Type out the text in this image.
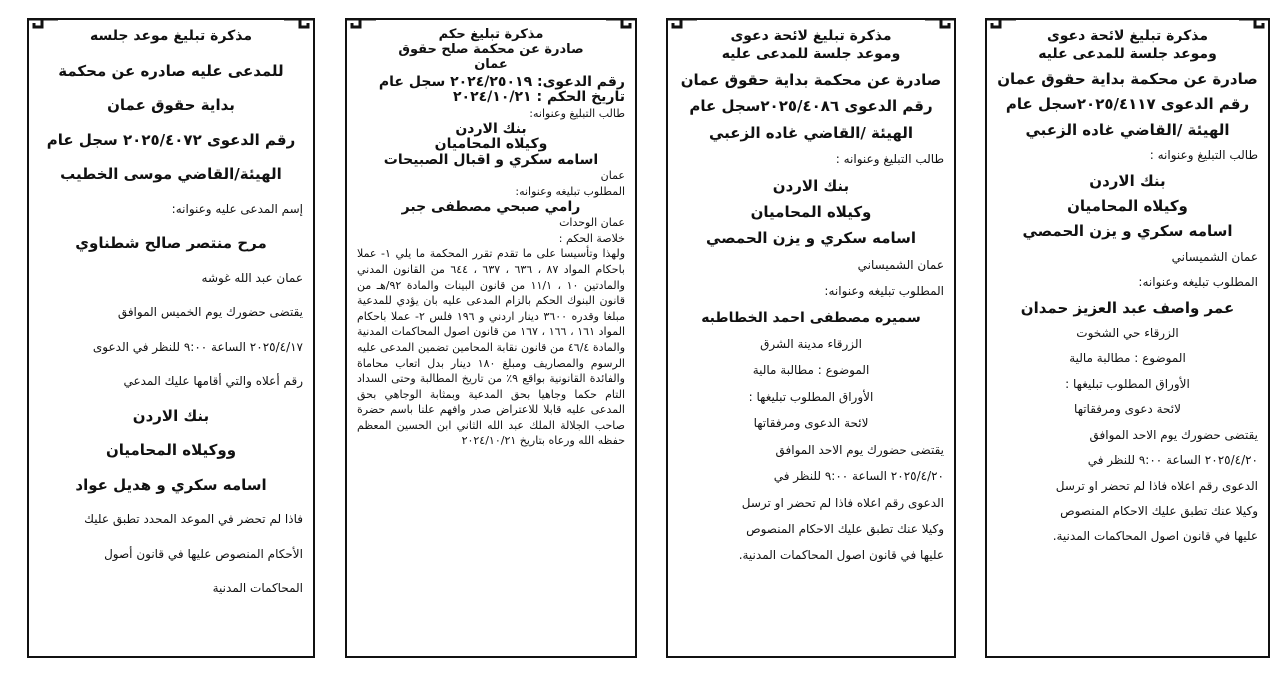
مذكرة تبليغ لائحة دعوى
وموعد جلسة للمدعى عليه
صادرة عن محكمة بداية حقوق عمان
رقم الدعوى ٢٠٢٥/٤١١٧سجل عام
الهيئة /القاضي غاده الزعبي
طالب التبليغ وعنوانه :
بنك الاردن
وكيلاه المحاميان
اسامه سكري و يزن الحمصي
عمان الشميساني
المطلوب تبليغه وعنوانه:
عمر واصف عبد العزيز حمدان
الزرقاء حي الشخوت
الموضوع : مطالبة مالية
الأوراق المطلوب تبليغها :
لائحة دعوى ومرفقاتها
يقتضى حضورك يوم الاحد الموافق
٢٠٢٥/٤/٢٠ الساعة ٩:٠٠ للنظر في
الدعوى رقم اعلاه فاذا لم تحضر او ترسل
وكيلا عنك تطبق عليك الاحكام المنصوص
عليها في قانون اصول المحاكمات المدنية.
مذكرة تبليغ لائحة دعوى
وموعد جلسة للمدعى عليه
صادرة عن محكمة بداية حقوق عمان
رقم الدعوى ٢٠٢٥/٤٠٨٦سجل عام
الهيئة /القاضي غاده الزعبي
طالب التبليغ وعنوانه :
بنك الاردن
وكيلاه المحاميان
اسامه سكري و يزن الحمصي
عمان الشميساني
المطلوب تبليغه وعنوانه:
سميره مصطفى احمد الخطاطبه
الزرقاء مدينة الشرق
الموضوع : مطالبة مالية
الأوراق المطلوب تبليغها :
لائحة الدعوى ومرفقاتها
يقتضى حضورك يوم الاحد الموافق
٢٠٢٥/٤/٢٠ الساعة ٩:٠٠ للنظر في
الدعوى رقم اعلاه فاذا لم تحضر او ترسل
وكيلا عنك تطبق عليك الاحكام المنصوص
عليها في قانون اصول المحاكمات المدنية.
مذكرة تبليغ حكم
صادرة عن محكمة صلح حقوق
عمان
رقم الدعوى: ٢٠٢٤/٢٥٠١٩ سجل عام
تاريخ الحكم : ٢٠٢٤/١٠/٢١
طالب التبليغ وعنوانه:
بنك الاردن
وكيلاه المحاميان
اسامه سكري و اقبال الصبيحات
عمان
المطلوب تبليغه وعنوانه:
رامي صبحي مصطفى جبر
عمان الوحدات
خلاصة الحكم :
ولهذا وتأسيسا على ما تقدم تقرر المحكمة ما يلي ١- عملا باحكام المواد ٨٧ ، ٦٣٦ ، ٦٣٧ ، ٦٤٤ من القانون المدني والمادتين ١٠ ، ١١/١ من قانون البينات والمادة ٩٢/هـ من قانون البنوك الحكم بالزام المدعى عليه بان يؤدي للمدعية مبلغا وقدره ٣٦٠٠ دينار اردني و ١٩٦ فلس ٢- عملا باحكام المواد ١٦١ ، ١٦٦ ، ١٦٧ من قانون اصول المحاكمات المدنية والمادة ٤٦/٤ من قانون نقابة المحامين تضمين المدعى عليه الرسوم والمصاريف ومبلغ ١٨٠ دينار بدل اتعاب محاماة والفائدة القانونية بواقع ٩٪ من تاريخ المطالبة وحتى السداد التام حكما وجاهيا بحق المدعية وبمثابة الوجاهي بحق المدعى عليه قابلا للاعتراض صدر وافهم علنا باسم حضرة صاحب الجلالة الملك عبد الله الثاني ابن الحسين المعظم حفظه الله ورعاه بتاريخ ٢٠٢٤/١٠/٢١
مذكرة تبليغ موعد جلسه
للمدعى عليه صادره عن محكمة
بداية حقوق عمان
رقم الدعوى ٢٠٢٥/٤٠٧٢ سجل عام
الهيئة/القاضي موسى الخطيب
إسم المدعى عليه وعنوانه:
مرح منتصر صالح شطناوي
عمان عبد الله غوشه
يقتضى حضورك يوم الخميس الموافق
٢٠٢٥/٤/١٧ الساعة ٩:٠٠ للنظر في الدعوى
رقم أعلاه والتي أقامها عليك المدعي
بنك الاردن
ووكيلاه المحاميان
اسامه سكري و هديل عواد
فاذا لم تحضر في الموعد المحدد تطبق عليك
الأحكام المنصوص عليها في قانون أصول
المحاكمات المدنية
